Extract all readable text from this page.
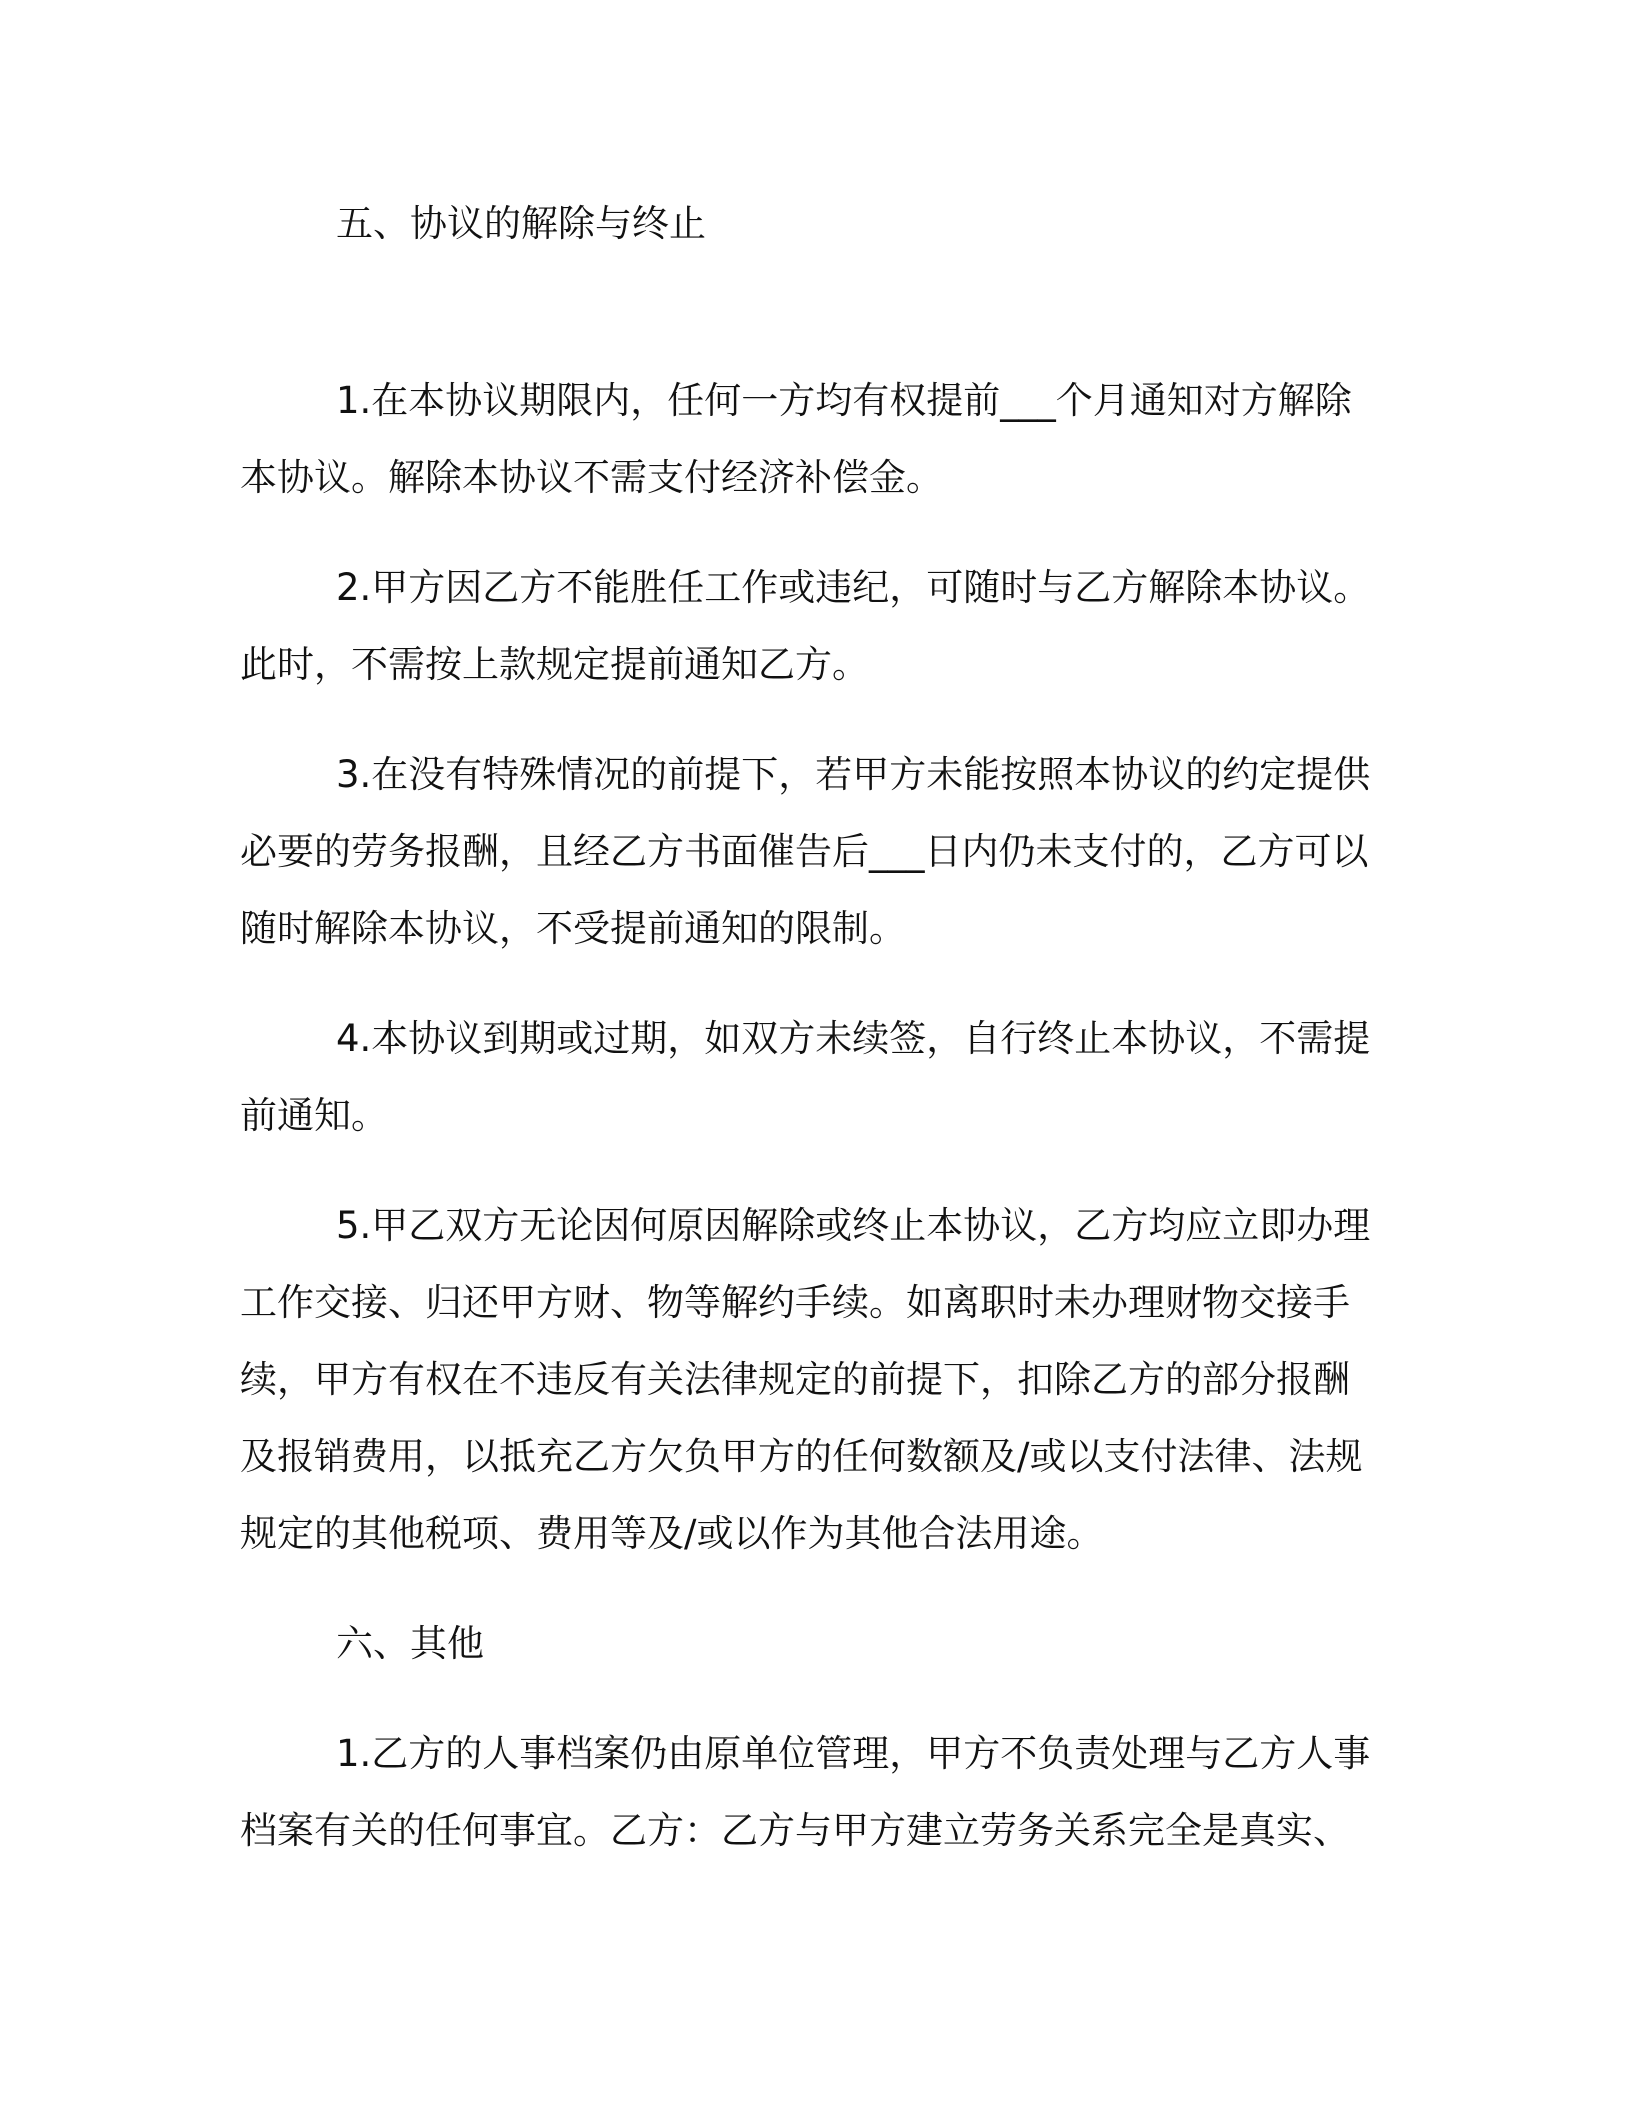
五、协议的解除与终止
1.在本协议期限内，任何一方均有权提前___个月通知对方解除
本协议。解除本协议不需支付经济补偿金。
2.甲方因乙方不能胜任工作或违纪，可随时与乙方解除本协议。
此时，不需按上款规定提前通知乙方。
3.在没有特殊情况的前提下，若甲方未能按照本协议的约定提供
必要的劳务报酬，且经乙方书面催告后___日内仍未支付的，乙方可以
随时解除本协议，不受提前通知的限制。
4.本协议到期或过期，如双方未续签，自行终止本协议，不需提
前通知。
5.甲乙双方无论因何原因解除或终止本协议，乙方均应立即办理
工作交接、归还甲方财、物等解约手续。如离职时未办理财物交接手
续，甲方有权在不违反有关法律规定的前提下，扣除乙方的部分报酬
及报销费用，以抵充乙方欠负甲方的任何数额及/或以支付法律、法规
规定的其他税项、费用等及/或以作为其他合法用途。
六、其他
1.乙方的人事档案仍由原单位管理，甲方不负责处理与乙方人事
档案有关的任何事宜。乙方：乙方与甲方建立劳务关系完全是真实、
